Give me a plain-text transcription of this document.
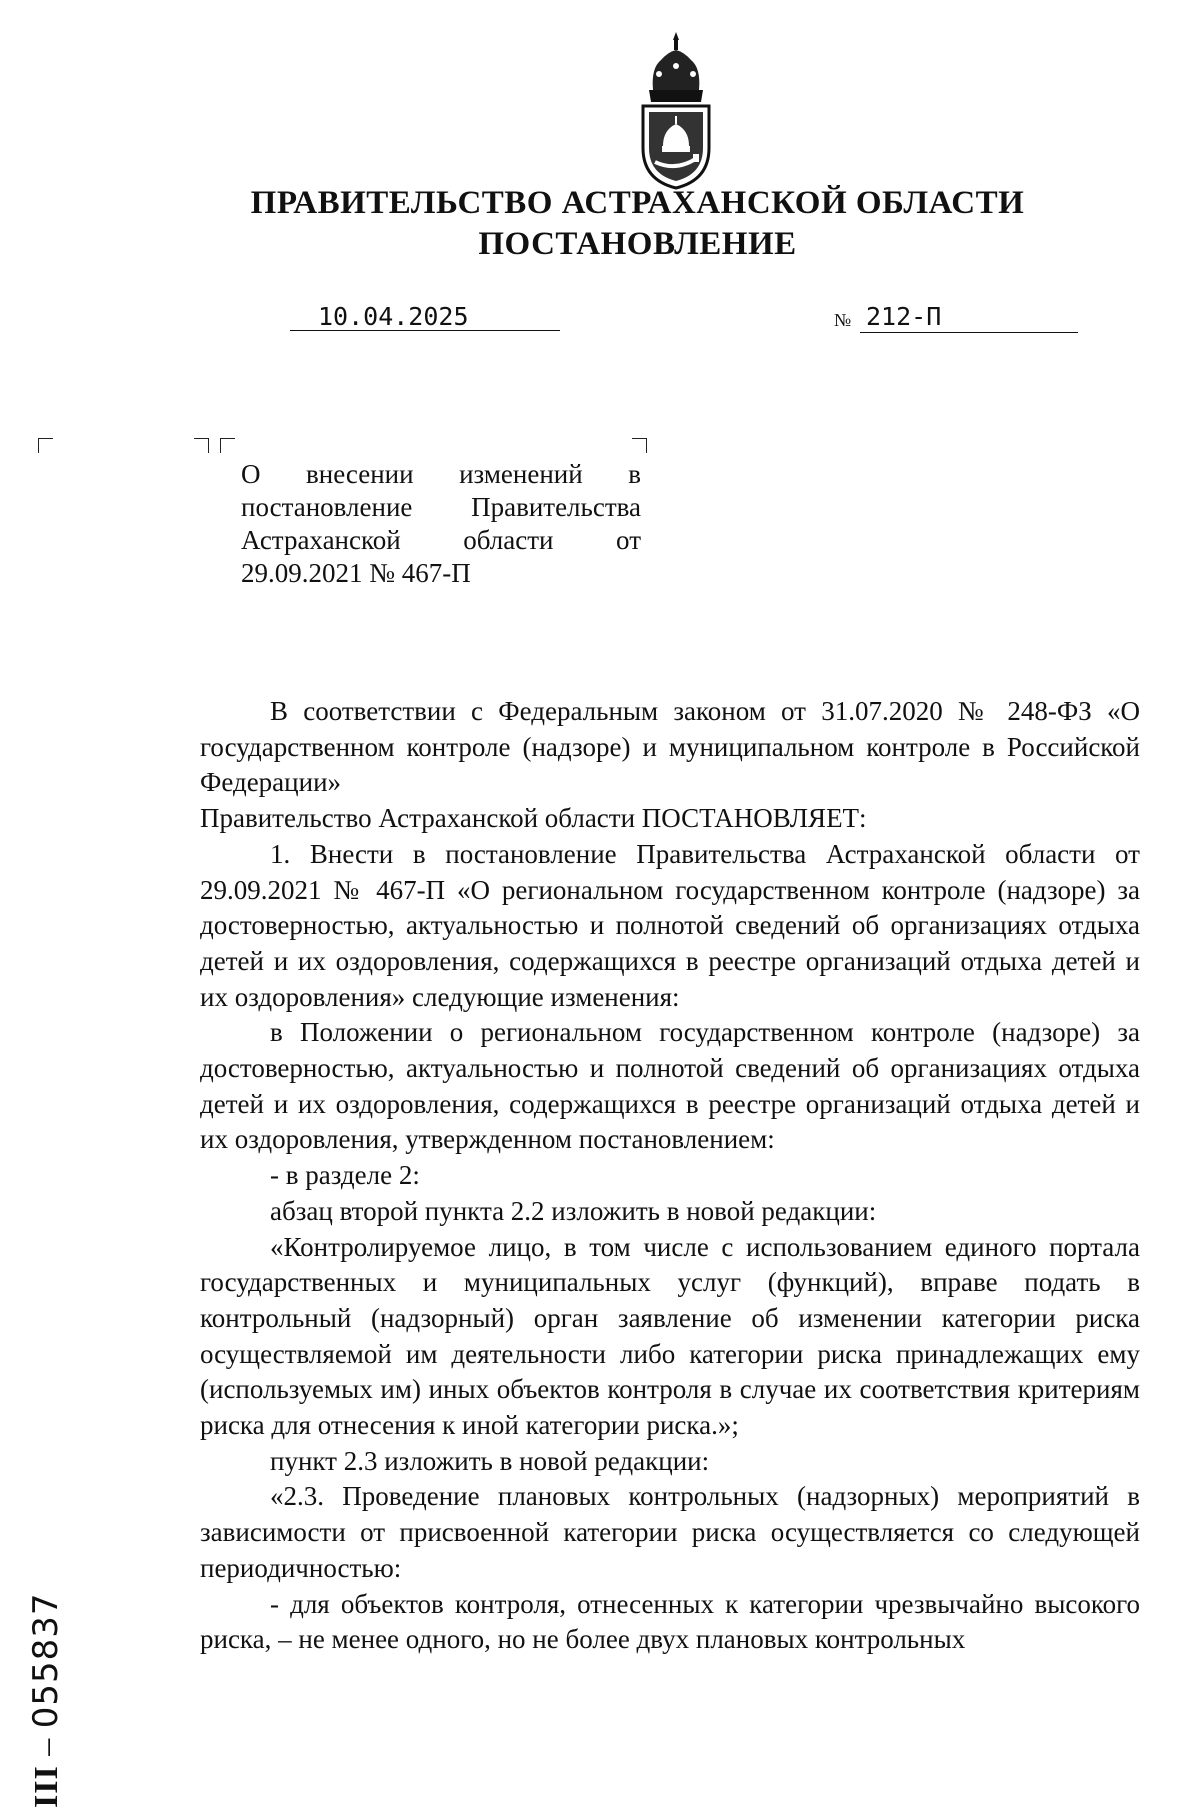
ПРАВИТЕЛЬСТВО АСТРАХАНСКОЙ ОБЛАСТИ
ПОСТАНОВЛЕНИЕ
10.04.2025	№ 212-П
О внесении изменений в постановление Правительства Астраханской области от 29.09.2021 № 467-П

В соответствии с Федеральным законом от 31.07.2020 № 248-ФЗ «О государственном контроле (надзоре) и муниципальном контроле в Российской Федерации»

Правительство Астраханской области ПОСТАНОВЛЯЕТ:

1. Внести в постановление Правительства Астраханской области от 29.09.2021 № 467-П «О региональном государственном контроле (надзоре) за достоверностью, актуальностью и полнотой сведений об организациях отдыха детей и их оздоровления, содержащихся в реестре организаций отдыха детей и их оздоровления» следующие изменения:

в Положении о региональном государственном контроле (надзоре) за достоверностью, актуальностью и полнотой сведений об организациях отдыха детей и их оздоровления, содержащихся в реестре организаций отдыха детей и их оздоровления, утвержденном постановлением:

- в разделе 2:

абзац второй пункта 2.2 изложить в новой редакции:

«Контролируемое лицо, в том числе с использованием единого портала государственных и муниципальных услуг (функций), вправе подать в контрольный (надзорный) орган заявление об изменении категории риска осуществляемой им деятельности либо категории риска принадлежащих ему (используемых им) иных объектов контроля в случае их соответствия критериям риска для отнесения к иной категории риска.»;

пункт 2.3 изложить в новой редакции:

«2.3. Проведение плановых контрольных (надзорных) мероприятий в зависимости от присвоенной категории риска осуществляется со следующей периодичностью:

- для объектов контроля, отнесенных к категории чрезвычайно высокого риска, – не менее одного, но не более двух плановых контрольных

ІІІ – 055837
